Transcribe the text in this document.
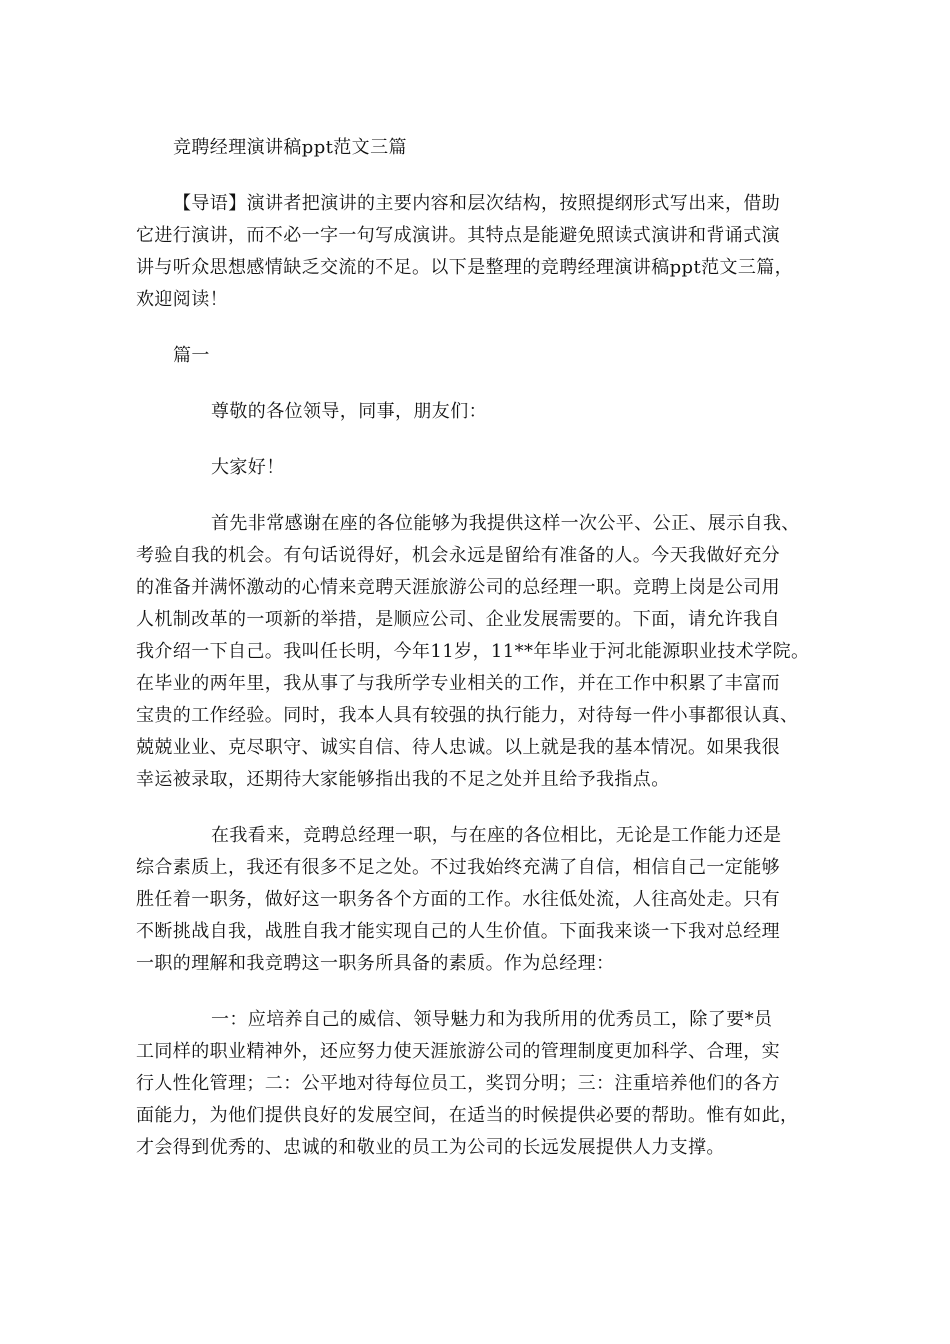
竞聘经理演讲稿ppt范文三篇

【导语】演讲者把演讲的主要内容和层次结构，按照提纲形式写出来，借助
它进行演讲，而不必一字一句写成演讲。其特点是能避免照读式演讲和背诵式演
讲与听众思想感情缺乏交流的不足。以下是整理的竞聘经理演讲稿ppt范文三篇，
欢迎阅读！

篇一

尊敬的各位领导，同事，朋友们：

大家好！

首先非常感谢在座的各位能够为我提供这样一次公平、公正、展示自我、
考验自我的机会。有句话说得好，机会永远是留给有准备的人。今天我做好充分
的准备并满怀激动的心情来竞聘天涯旅游公司的总经理一职。竞聘上岗是公司用
人机制改革的一项新的举措，是顺应公司、企业发展需要的。下面，请允许我自
我介绍一下自己。我叫任长明，今年11岁，11**年毕业于河北能源职业技术学院。
在毕业的两年里，我从事了与我所学专业相关的工作，并在工作中积累了丰富而
宝贵的工作经验。同时，我本人具有较强的执行能力，对待每一件小事都很认真、
兢兢业业、克尽职守、诚实自信、待人忠诚。以上就是我的基本情况。如果我很
幸运被录取，还期待大家能够指出我的不足之处并且给予我指点。
在我看来，竞聘总经理一职，与在座的各位相比，无论是工作能力还是
综合素质上，我还有很多不足之处。不过我始终充满了自信，相信自己一定能够
胜任着一职务，做好这一职务各个方面的工作。水往低处流，人往高处走。只有
不断挑战自我，战胜自我才能实现自己的人生价值。下面我来谈一下我对总经理
一职的理解和我竞聘这一职务所具备的素质。作为总经理：
一：应培养自己的威信、领导魅力和为我所用的优秀员工，除了要*员
工同样的职业精神外，还应努力使天涯旅游公司的管理制度更加科学、合理，实
行人性化管理；二：公平地对待每位员工，奖罚分明；三：注重培养他们的各方
面能力，为他们提供良好的发展空间，在适当的时候提供必要的帮助。惟有如此，
才会得到优秀的、忠诚的和敬业的员工为公司的长远发展提供人力支撑。
